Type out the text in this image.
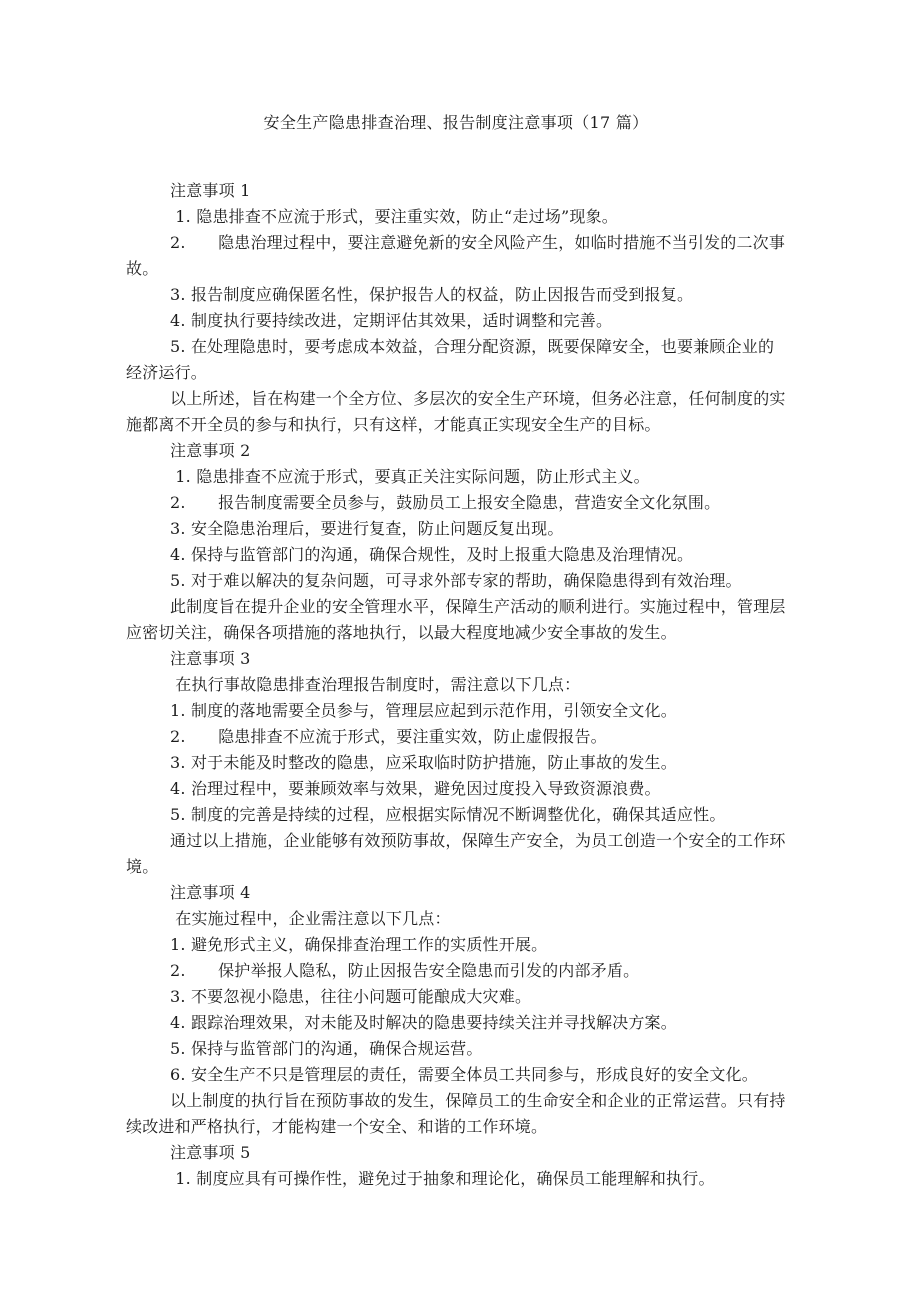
安全生产隐患排查治理、报告制度注意事项（17 篇）

注意事项 1

1. 隐患排查不应流于形式，要注重实效，防止“走过场”现象。

2.　　隐患治理过程中，要注意避免新的安全风险产生，如临时措施不当引发的二次事

故。

3. 报告制度应确保匿名性，保护报告人的权益，防止因报告而受到报复。

4. 制度执行要持续改进，定期评估其效果，适时调整和完善。

5. 在处理隐患时，要考虑成本效益，合理分配资源，既要保障安全，也要兼顾企业的

经济运行。

以上所述，旨在构建一个全方位、多层次的安全生产环境，但务必注意，任何制度的实

施都离不开全员的参与和执行，只有这样，才能真正实现安全生产的目标。

注意事项 2

1. 隐患排查不应流于形式，要真正关注实际问题，防止形式主义。

2.　　报告制度需要全员参与，鼓励员工上报安全隐患，营造安全文化氛围。

3. 安全隐患治理后，要进行复查，防止问题反复出现。

4. 保持与监管部门的沟通，确保合规性，及时上报重大隐患及治理情况。

5. 对于难以解决的复杂问题，可寻求外部专家的帮助，确保隐患得到有效治理。

此制度旨在提升企业的安全管理水平，保障生产活动的顺利进行。实施过程中，管理层

应密切关注，确保各项措施的落地执行，以最大程度地减少安全事故的发生。

注意事项 3

在执行事故隐患排查治理报告制度时，需注意以下几点：

1. 制度的落地需要全员参与，管理层应起到示范作用，引领安全文化。

2.　　隐患排查不应流于形式，要注重实效，防止虚假报告。

3. 对于未能及时整改的隐患，应采取临时防护措施，防止事故的发生。

4. 治理过程中，要兼顾效率与效果，避免因过度投入导致资源浪费。

5. 制度的完善是持续的过程，应根据实际情况不断调整优化，确保其适应性。

通过以上措施，企业能够有效预防事故，保障生产安全，为员工创造一个安全的工作环

境。

注意事项 4

在实施过程中，企业需注意以下几点：

1. 避免形式主义，确保排查治理工作的实质性开展。

2.　　保护举报人隐私，防止因报告安全隐患而引发的内部矛盾。

3. 不要忽视小隐患，往往小问题可能酿成大灾难。

4. 跟踪治理效果，对未能及时解决的隐患要持续关注并寻找解决方案。

5. 保持与监管部门的沟通，确保合规运营。

6. 安全生产不只是管理层的责任，需要全体员工共同参与，形成良好的安全文化。

以上制度的执行旨在预防事故的发生，保障员工的生命安全和企业的正常运营。只有持

续改进和严格执行，才能构建一个安全、和谐的工作环境。

注意事项 5

1. 制度应具有可操作性，避免过于抽象和理论化，确保员工能理解和执行。
